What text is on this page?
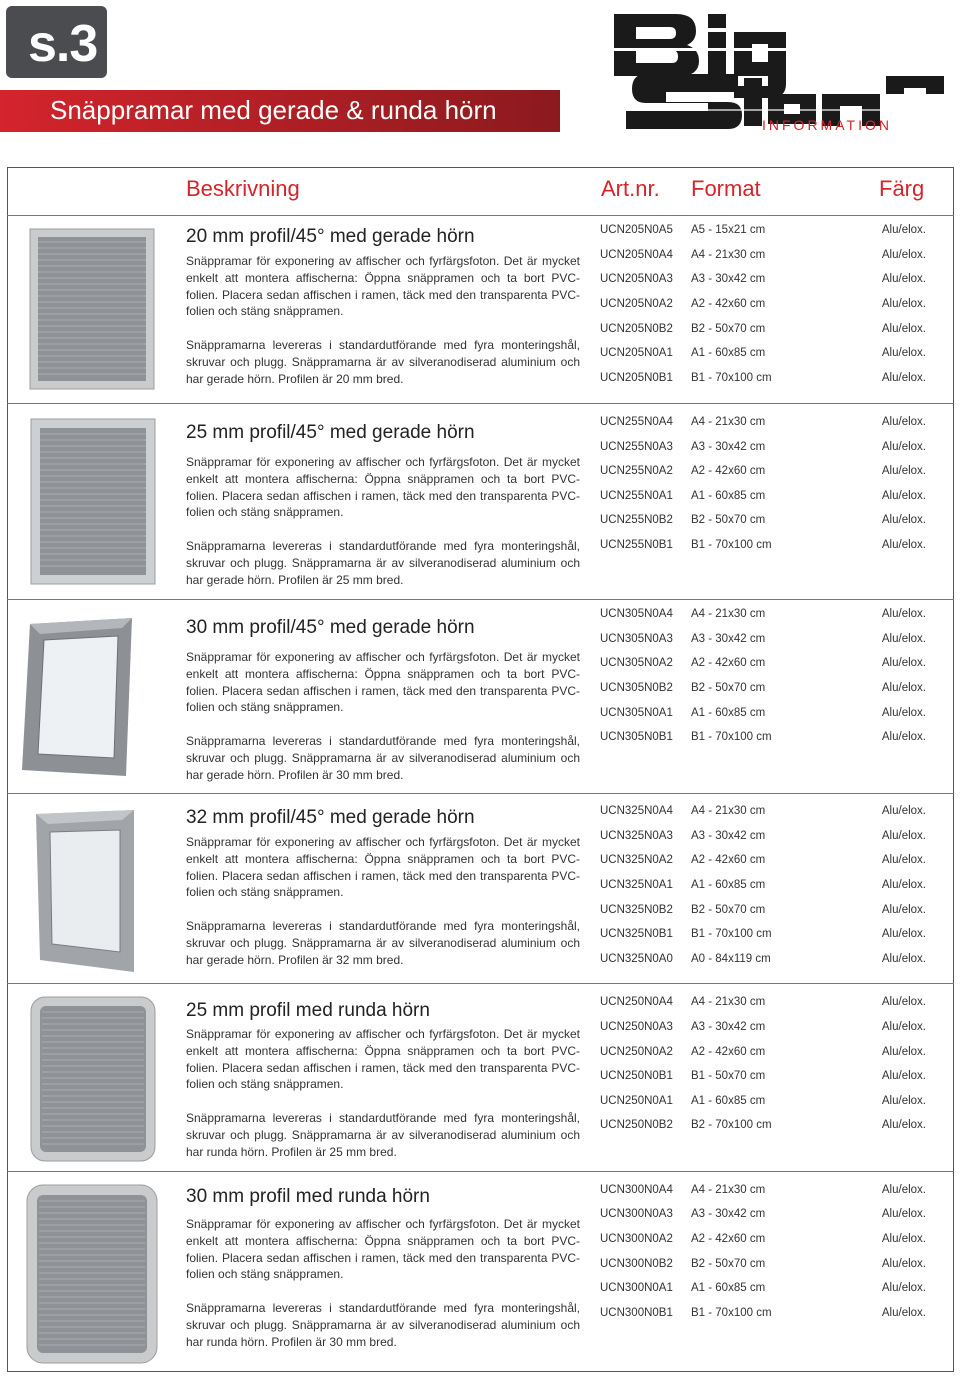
s.3
Snäppramar med gerade & runda hörn	INFORMATION
Beskrivning	Art.nr. Format	Färg
20 mm profil/45° med gerade hörn
Snäppramar för exponering av affischer och fyrfärgsfoton. Det är mycket enkelt att montera affischerna: Öppna snäppramen och ta bort PVC-folien. Placera sedan affischen i ramen, täck med den transparenta PVC-folien och stäng snäppramen.
Snäppramarna levereras i standardutförande med fyra monteringshål, skruvar och plugg. Snäppramarna är av silveranodiserad aluminium och har gerade hörn. Profilen är 20 mm bred.
UCN205N0A5 A5 - 15x21 cm	Alu/elox.
UCN205N0A4 A4 - 21x30 cm	Alu/elox.
UCN205N0A3 A3 - 30x42 cm	Alu/elox.
UCN205N0A2 A2 - 42x60 cm	Alu/elox.
UCN205N0B2 B2 - 50x70 cm	Alu/elox.
UCN205N0A1 A1 - 60x85 cm	Alu/elox.
UCN205N0B1 B1 - 70x100 cm	Alu/elox.
25 mm profil/45° med gerade hörn
Snäppramar för exponering av affischer och fyrfärgsfoton. Det är mycket enkelt att montera affischerna: Öppna snäppramen och ta bort PVC-folien. Placera sedan affischen i ramen, täck med den transparenta PVC-folien och stäng snäppramen.
Snäppramarna levereras i standardutförande med fyra monteringshål, skruvar och plugg. Snäppramarna är av silveranodiserad aluminium och har gerade hörn. Profilen är 25 mm bred.
UCN255N0A4 A4 - 21x30 cm	Alu/elox.
UCN255N0A3 A3 - 30x42 cm	Alu/elox.
UCN255N0A2 A2 - 42x60 cm	Alu/elox.
UCN255N0A1 A1 - 60x85 cm	Alu/elox.
UCN255N0B2 B2 - 50x70 cm	Alu/elox.
UCN255N0B1 B1 - 70x100 cm	Alu/elox.
30 mm profil/45° med gerade hörn
Snäppramar för exponering av affischer och fyrfärgsfoton. Det är mycket enkelt att montera affischerna: Öppna snäppramen och ta bort PVC-folien. Placera sedan affischen i ramen, täck med den transparenta PVC-folien och stäng snäppramen.
Snäppramarna levereras i standardutförande med fyra monteringshål, skruvar och plugg. Snäppramarna är av silveranodiserad aluminium och har gerade hörn. Profilen är 30 mm bred.
UCN305N0A4 A4 - 21x30 cm	Alu/elox.
UCN305N0A3 A3 - 30x42 cm	Alu/elox.
UCN305N0A2 A2 - 42x60 cm	Alu/elox.
UCN305N0B2 B2 - 50x70 cm	Alu/elox.
UCN305N0A1 A1 - 60x85 cm	Alu/elox.
UCN305N0B1 B1 - 70x100 cm	Alu/elox.
32 mm profil/45° med gerade hörn
Snäppramar för exponering av affischer och fyrfärgsfoton. Det är mycket enkelt att montera affischerna: Öppna snäppramen och ta bort PVC-folien. Placera sedan affischen i ramen, täck med den transparenta PVC-folien och stäng snäppramen.
Snäppramarna levereras i standardutförande med fyra monteringshål, skruvar och plugg. Snäppramarna är av silveranodiserad aluminium och har gerade hörn. Profilen är 32 mm bred.
UCN325N0A4 A4 - 21x30 cm	Alu/elox.
UCN325N0A3 A3 - 30x42 cm	Alu/elox.
UCN325N0A2 A2 - 42x60 cm	Alu/elox.
UCN325N0A1 A1 - 60x85 cm	Alu/elox.
UCN325N0B2 B2 - 50x70 cm	Alu/elox.
UCN325N0B1 B1 - 70x100 cm	Alu/elox.
UCN325N0A0 A0 - 84x119 cm	Alu/elox.
25 mm profil med runda hörn
Snäppramar för exponering av affischer och fyrfärgsfoton. Det är mycket enkelt att montera affischerna: Öppna snäppramen och ta bort PVC-folien. Placera sedan affischen i ramen, täck med den transparenta PVC-folien och stäng snäppramen.
Snäppramarna levereras i standardutförande med fyra monteringshål, skruvar och plugg. Snäppramarna är av silveranodiserad aluminium och har runda hörn. Profilen är 25 mm bred.
UCN250N0A4 A4 - 21x30 cm	Alu/elox.
UCN250N0A3 A3 - 30x42 cm	Alu/elox.
UCN250N0A2 A2 - 42x60 cm	Alu/elox.
UCN250N0B1 B1 - 50x70 cm	Alu/elox.
UCN250N0A1 A1 - 60x85 cm	Alu/elox.
UCN250N0B2 B2 - 70x100 cm	Alu/elox.
30 mm profil med runda hörn
Snäppramar för exponering av affischer och fyrfärgsfoton. Det är mycket enkelt att montera affischerna: Öppna snäppramen och ta bort PVC-folien. Placera sedan affischen i ramen, täck med den transparenta PVC-folien och stäng snäppramen.
Snäppramarna levereras i standardutförande med fyra monteringshål, skruvar och plugg. Snäppramarna är av silveranodiserad aluminium och har runda hörn. Profilen är 30 mm bred.
UCN300N0A4 A4 - 21x30 cm	Alu/elox.
UCN300N0A3 A3 - 30x42 cm	Alu/elox.
UCN300N0A2 A2 - 42x60 cm	Alu/elox.
UCN300N0B2 B2 - 50x70 cm	Alu/elox.
UCN300N0A1 A1 - 60x85 cm	Alu/elox.
UCN300N0B1 B1 - 70x100 cm	Alu/elox.
